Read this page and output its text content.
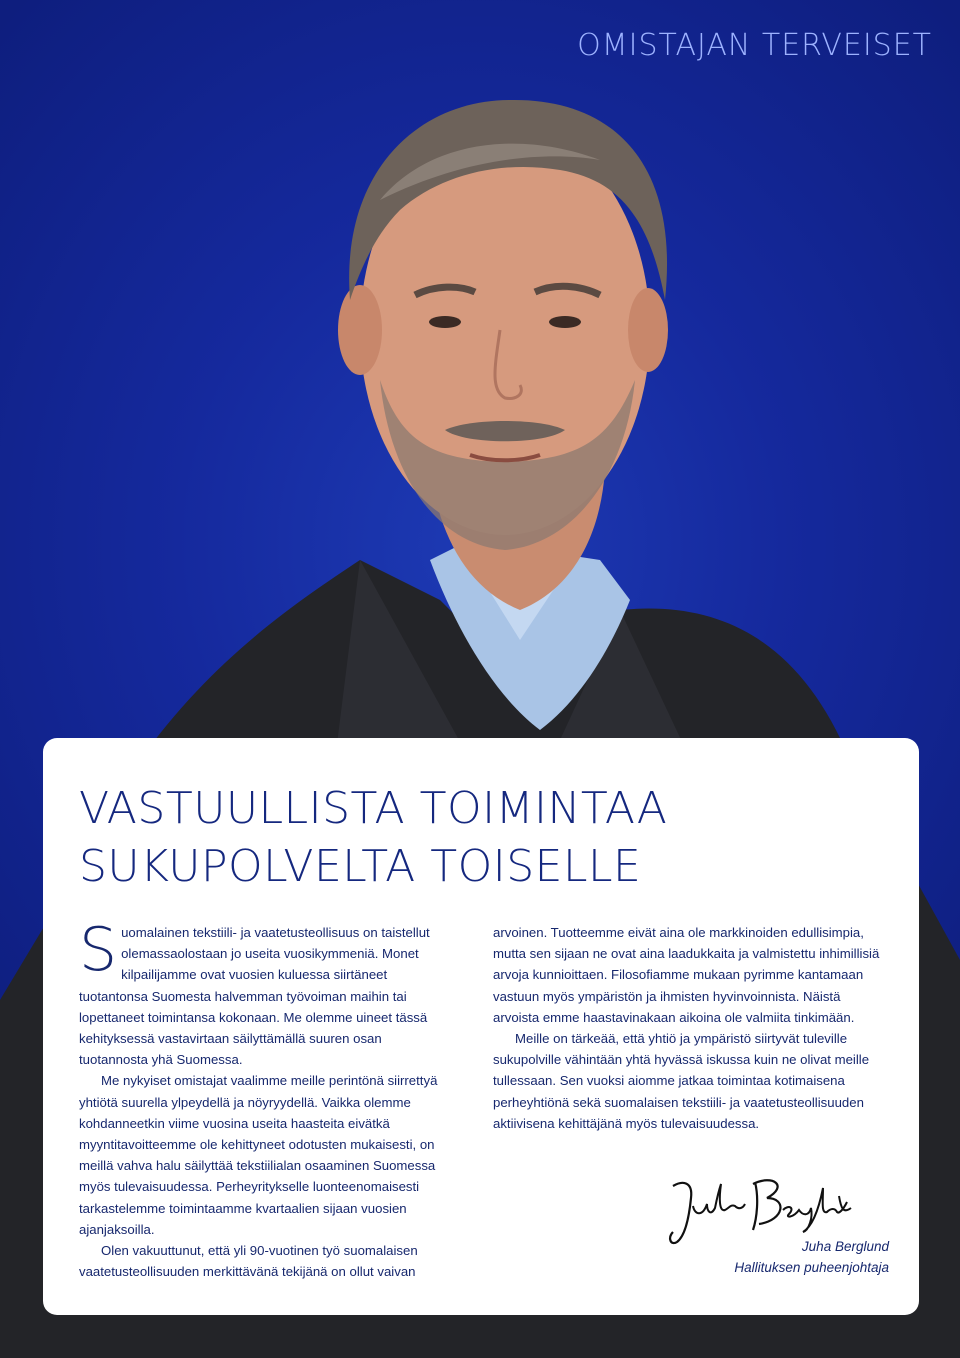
OMISTAJAN TERVEISET
VASTUULLISTA TOIMINTAA
SUKUPOLVELTA TOISELLE

Suomalainen tekstiili- ja vaatetusteollisuus on taistellut olemassaolostaan jo useita vuosikymmeniä. Monet kilpailijamme ovat vuosien kuluessa siirtäneet tuotantonsa Suomesta halvemman työvoiman maihin tai lopettaneet toimintansa kokonaan. Me olemme uineet tässä kehityksessä vastavirtaan säilyttämällä suuren osan tuotannosta yhä Suomessa.

Me nykyiset omistajat vaalimme meille perintönä siirrettyä yhtiötä suurella ylpeydellä ja nöyryydellä. Vaikka olemme kohdanneetkin viime vuosina useita haasteita eivätkä myyntitavoitteemme ole kehittyneet odotusten mukaisesti, on meillä vahva halu säilyttää tekstiilialan osaaminen Suomessa myös tulevaisuudessa. Perheyritykselle luonteenomaisesti tarkastelemme toimintaamme kvartaalien sijaan vuosien ajanjaksoilla.

Olen vakuuttunut, että yli 90-vuotinen työ suomalaisen vaatetusteollisuuden merkittävänä tekijänä on ollut vaivan

arvoinen. Tuotteemme eivät aina ole markkinoiden edullisimpia, mutta sen sijaan ne ovat aina laadukkaita ja valmistettu inhimillisiä arvoja kunnioittaen. Filosofiamme mukaan pyrimme kantamaan vastuun myös ympäristön ja ihmisten hyvinvoinnista. Näistä arvoista emme haastavinakaan aikoina ole valmiita tinkimään.

Meille on tärkeää, että yhtiö ja ympäristö siirtyvät tuleville sukupolville vähintään yhtä hyvässä iskussa kuin ne olivat meille tullessaan. Sen vuoksi aiomme jatkaa toimintaa kotimaisena perheyhtiönä sekä suomalaisen tekstiili- ja vaatetusteollisuuden aktiivisena kehittäjänä myös tulevaisuudessa.

Juha Berglund
Hallituksen puheenjohtaja
